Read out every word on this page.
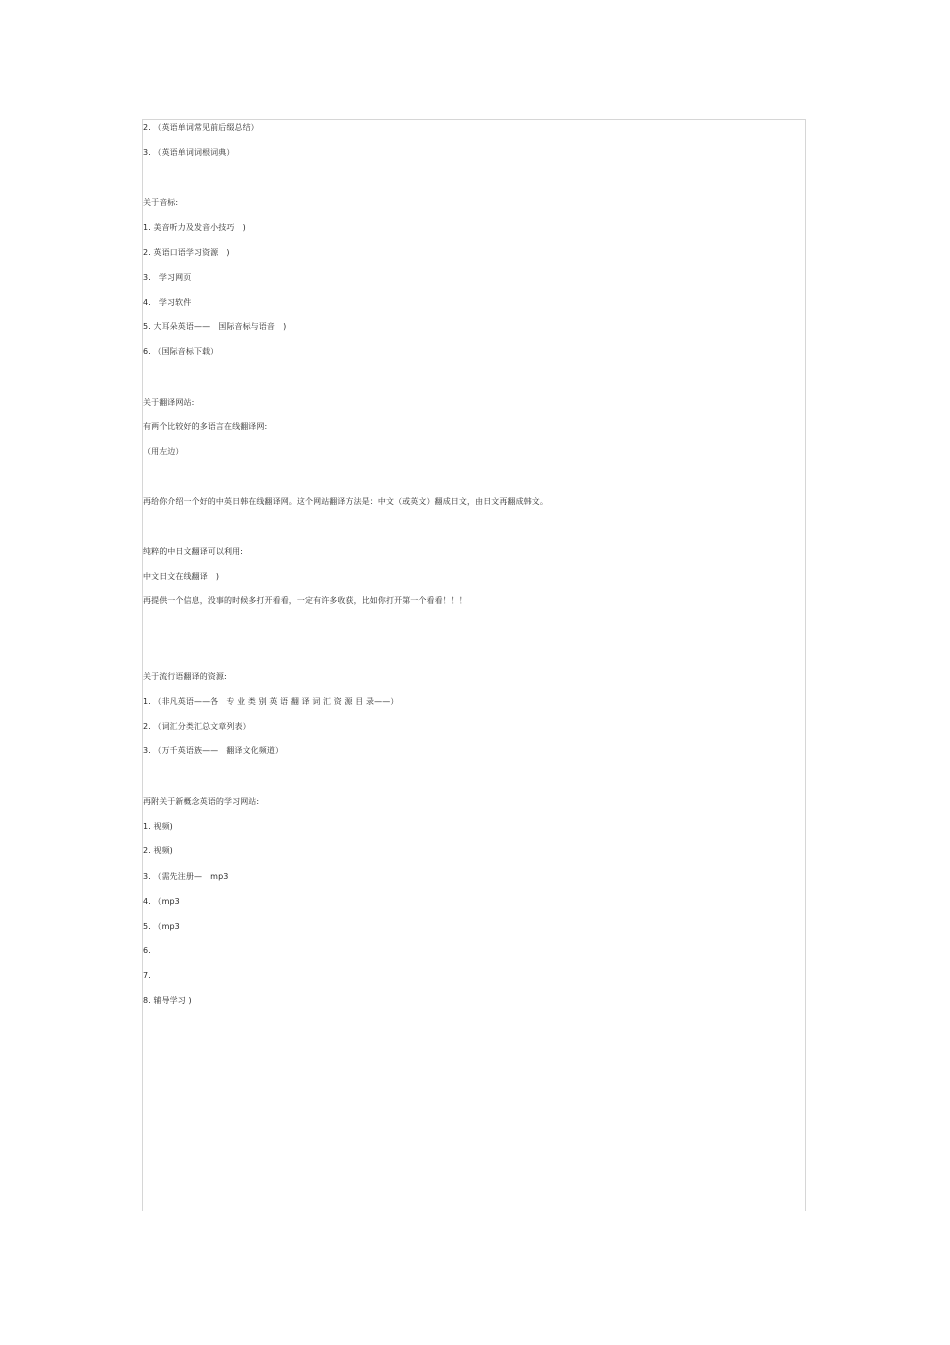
2. （英语单词常见前后缀总结）
3. （英语单词词根词典）
关于音标:
1. 美音听力及发音小技巧　)
2. 英语口语学习资源　)
3.　学习网页
4.　学习软件
5. 大耳朵英语——　国际音标与语音　)
6. （国际音标下载）
关于翻译网站:
有两个比较好的多语言在线翻译网:
（用左边）
再给你介绍一个好的中英日韩在线翻译网。这个网站翻译方法是：中文（或英文）翻成日文，由日文再翻成韩文。
纯粹的中日文翻译可以利用:
中文日文在线翻译　)
再提供一个信息，没事的时候多打开看看，一定有许多收获，比如你打开第一个看看！！！
关于流行语翻译的资源:
1. （非凡英语——各　专 业 类 别 英 语 翻 译 词 汇 资 源 目 录——）
2. （词汇分类汇总文章列表）
3. （万千英语族——　翻译文化频道）
再附关于新概念英语的学习网站:
1. 视频)
2. 视频)
3. （需先注册—　mp3
4. （mp3
5. （mp3
6.
7.
8. 辅导学习 )
